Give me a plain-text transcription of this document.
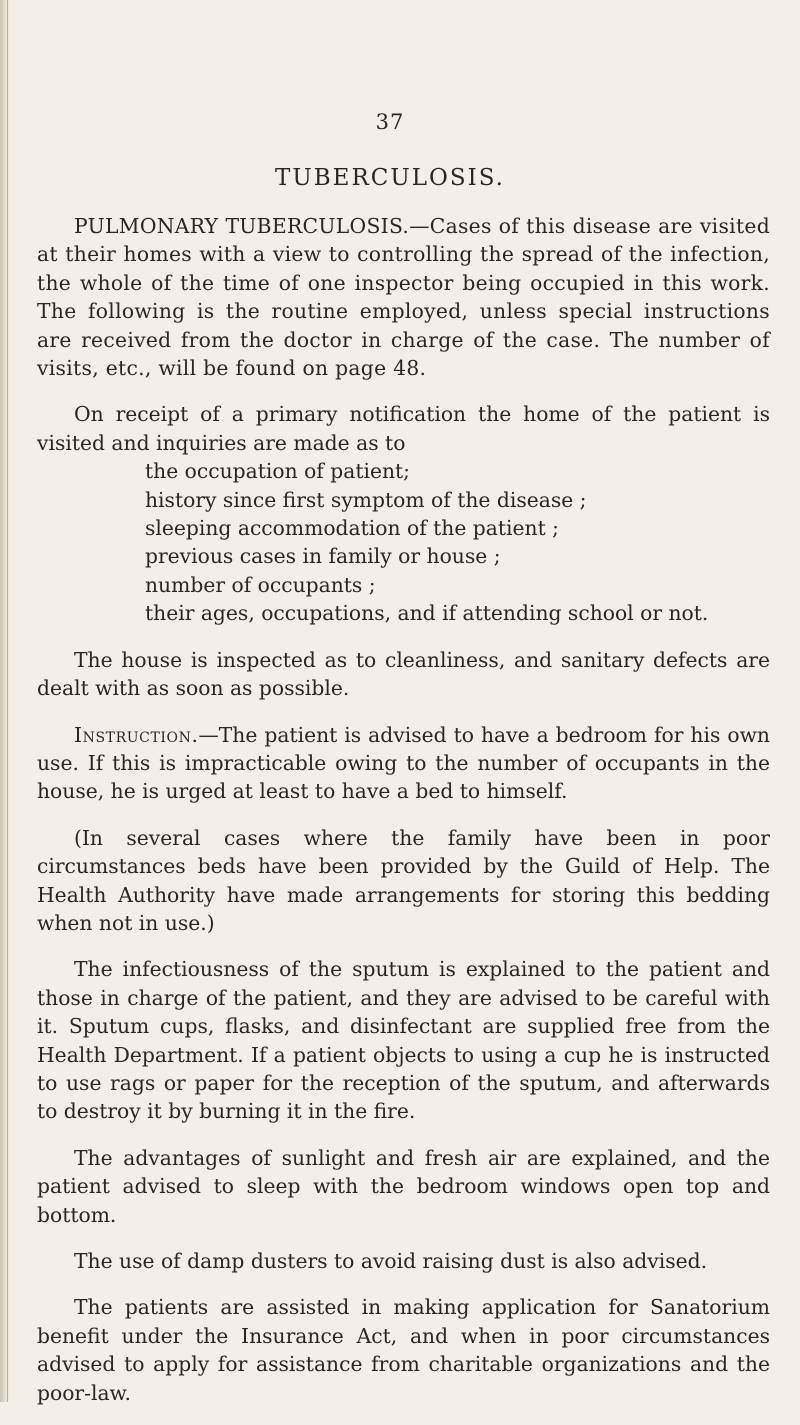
37
TUBERCULOSIS.

PULMONARY TUBERCULOSIS.—Cases of this disease are visited at their homes with a view to controlling the spread of the infection, the whole of the time of one inspector being occupied in this work. The following is the routine employed, unless special instructions are received from the doctor in charge of the case. The number of visits, etc., will be found on page 48.

On receipt of a primary notification the home of the patient is visited and inquiries are made as to

the occupation of patient;
history since first symptom of the disease ;
sleeping accommodation of the patient ;
previous cases in family or house ;
number of occupants ;
their ages, occupations, and if attending school or not.

The house is inspected as to cleanliness, and sanitary defects are dealt with as soon as possible.

Instruction.—The patient is advised to have a bedroom for his own use. If this is impracticable owing to the number of occupants in the house, he is urged at least to have a bed to himself.

(In several cases where the family have been in poor circumstances beds have been provided by the Guild of Help. The Health Authority have made arrangements for storing this bedding when not in use.)

The infectiousness of the sputum is explained to the patient and those in charge of the patient, and they are advised to be careful with it. Sputum cups, flasks, and disinfectant are supplied free from the Health Department. If a patient objects to using a cup he is instructed to use rags or paper for the reception of the sputum, and afterwards to destroy it by burning it in the fire.

The advantages of sunlight and fresh air are explained, and the patient advised to sleep with the bedroom windows open top and bottom.

The use of damp dusters to avoid raising dust is also advised.

The patients are assisted in making application for Sanatorium benefit under the Insurance Act, and when in poor circumstances advised to apply for assistance from charitable organizations and the poor-law.
